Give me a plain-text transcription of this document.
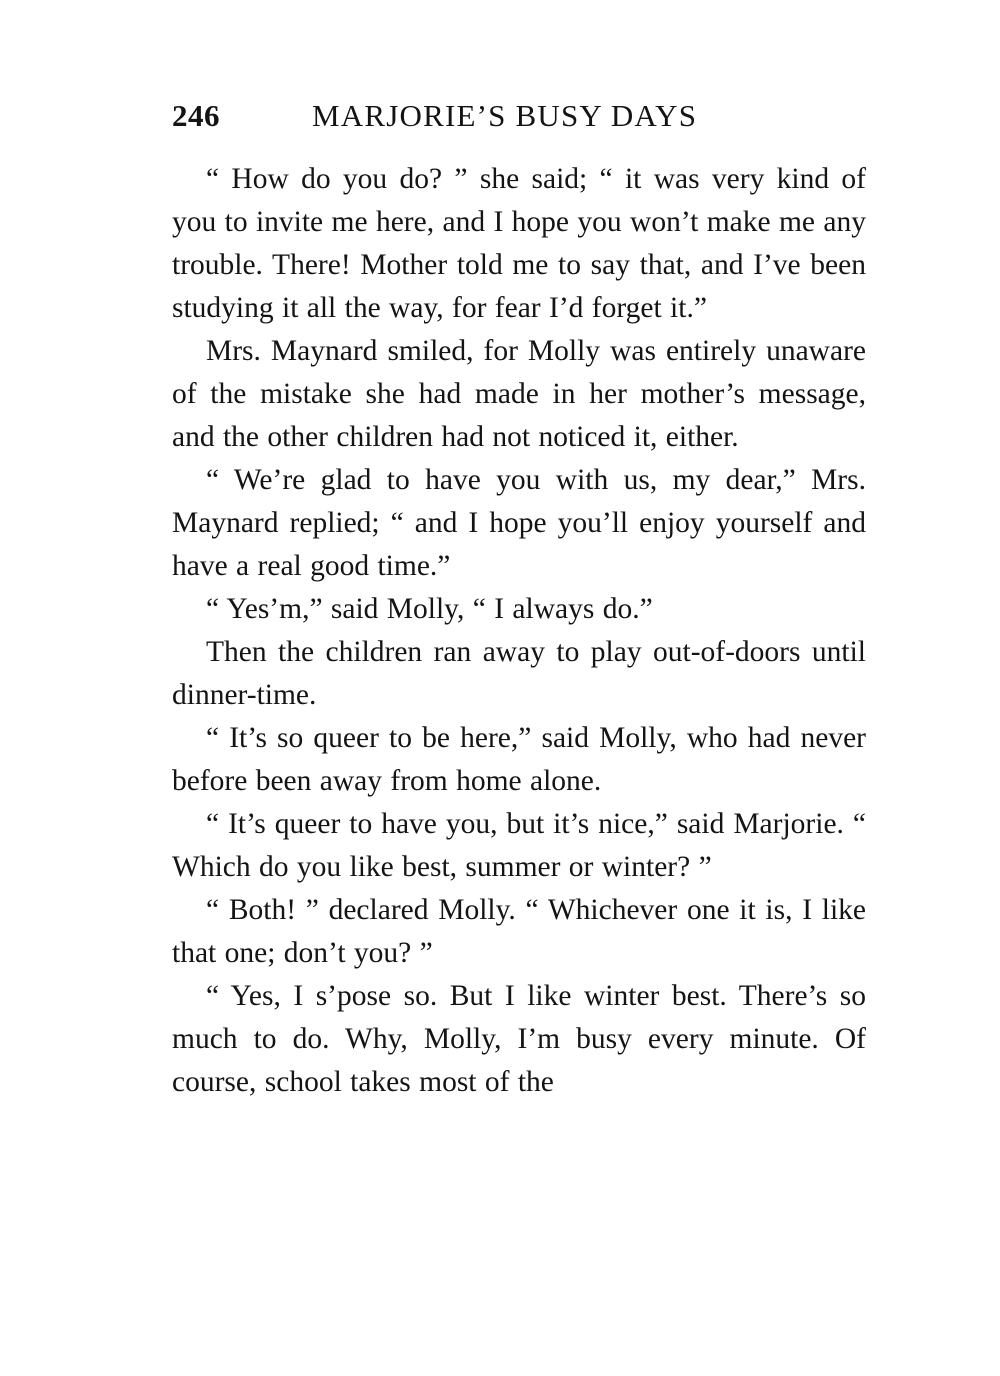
246	MARJORIE’S BUSY DAYS

“ How do you do? ” she said; “ it was very kind of you to invite me here, and I hope you won’t make me any trouble. There! Mother told me to say that, and I’ve been studying it all the way, for fear I’d forget it.”

Mrs. Maynard smiled, for Molly was entirely unaware of the mistake she had made in her mother’s message, and the other children had not noticed it, either.

“ We’re glad to have you with us, my dear,” Mrs. Maynard replied; “ and I hope you’ll enjoy yourself and have a real good time.”

“ Yes’m,” said Molly, “ I always do.”

Then the children ran away to play out-of-doors until dinner-time.

“ It’s so queer to be here,” said Molly, who had never before been away from home alone.

“ It’s queer to have you, but it’s nice,” said Marjorie. “ Which do you like best, summer or winter? ”

“ Both! ” declared Molly. “ Whichever one it is, I like that one; don’t you? ”

“ Yes, I s’pose so. But I like winter best. There’s so much to do. Why, Molly, I’m busy every minute. Of course, school takes most of the
